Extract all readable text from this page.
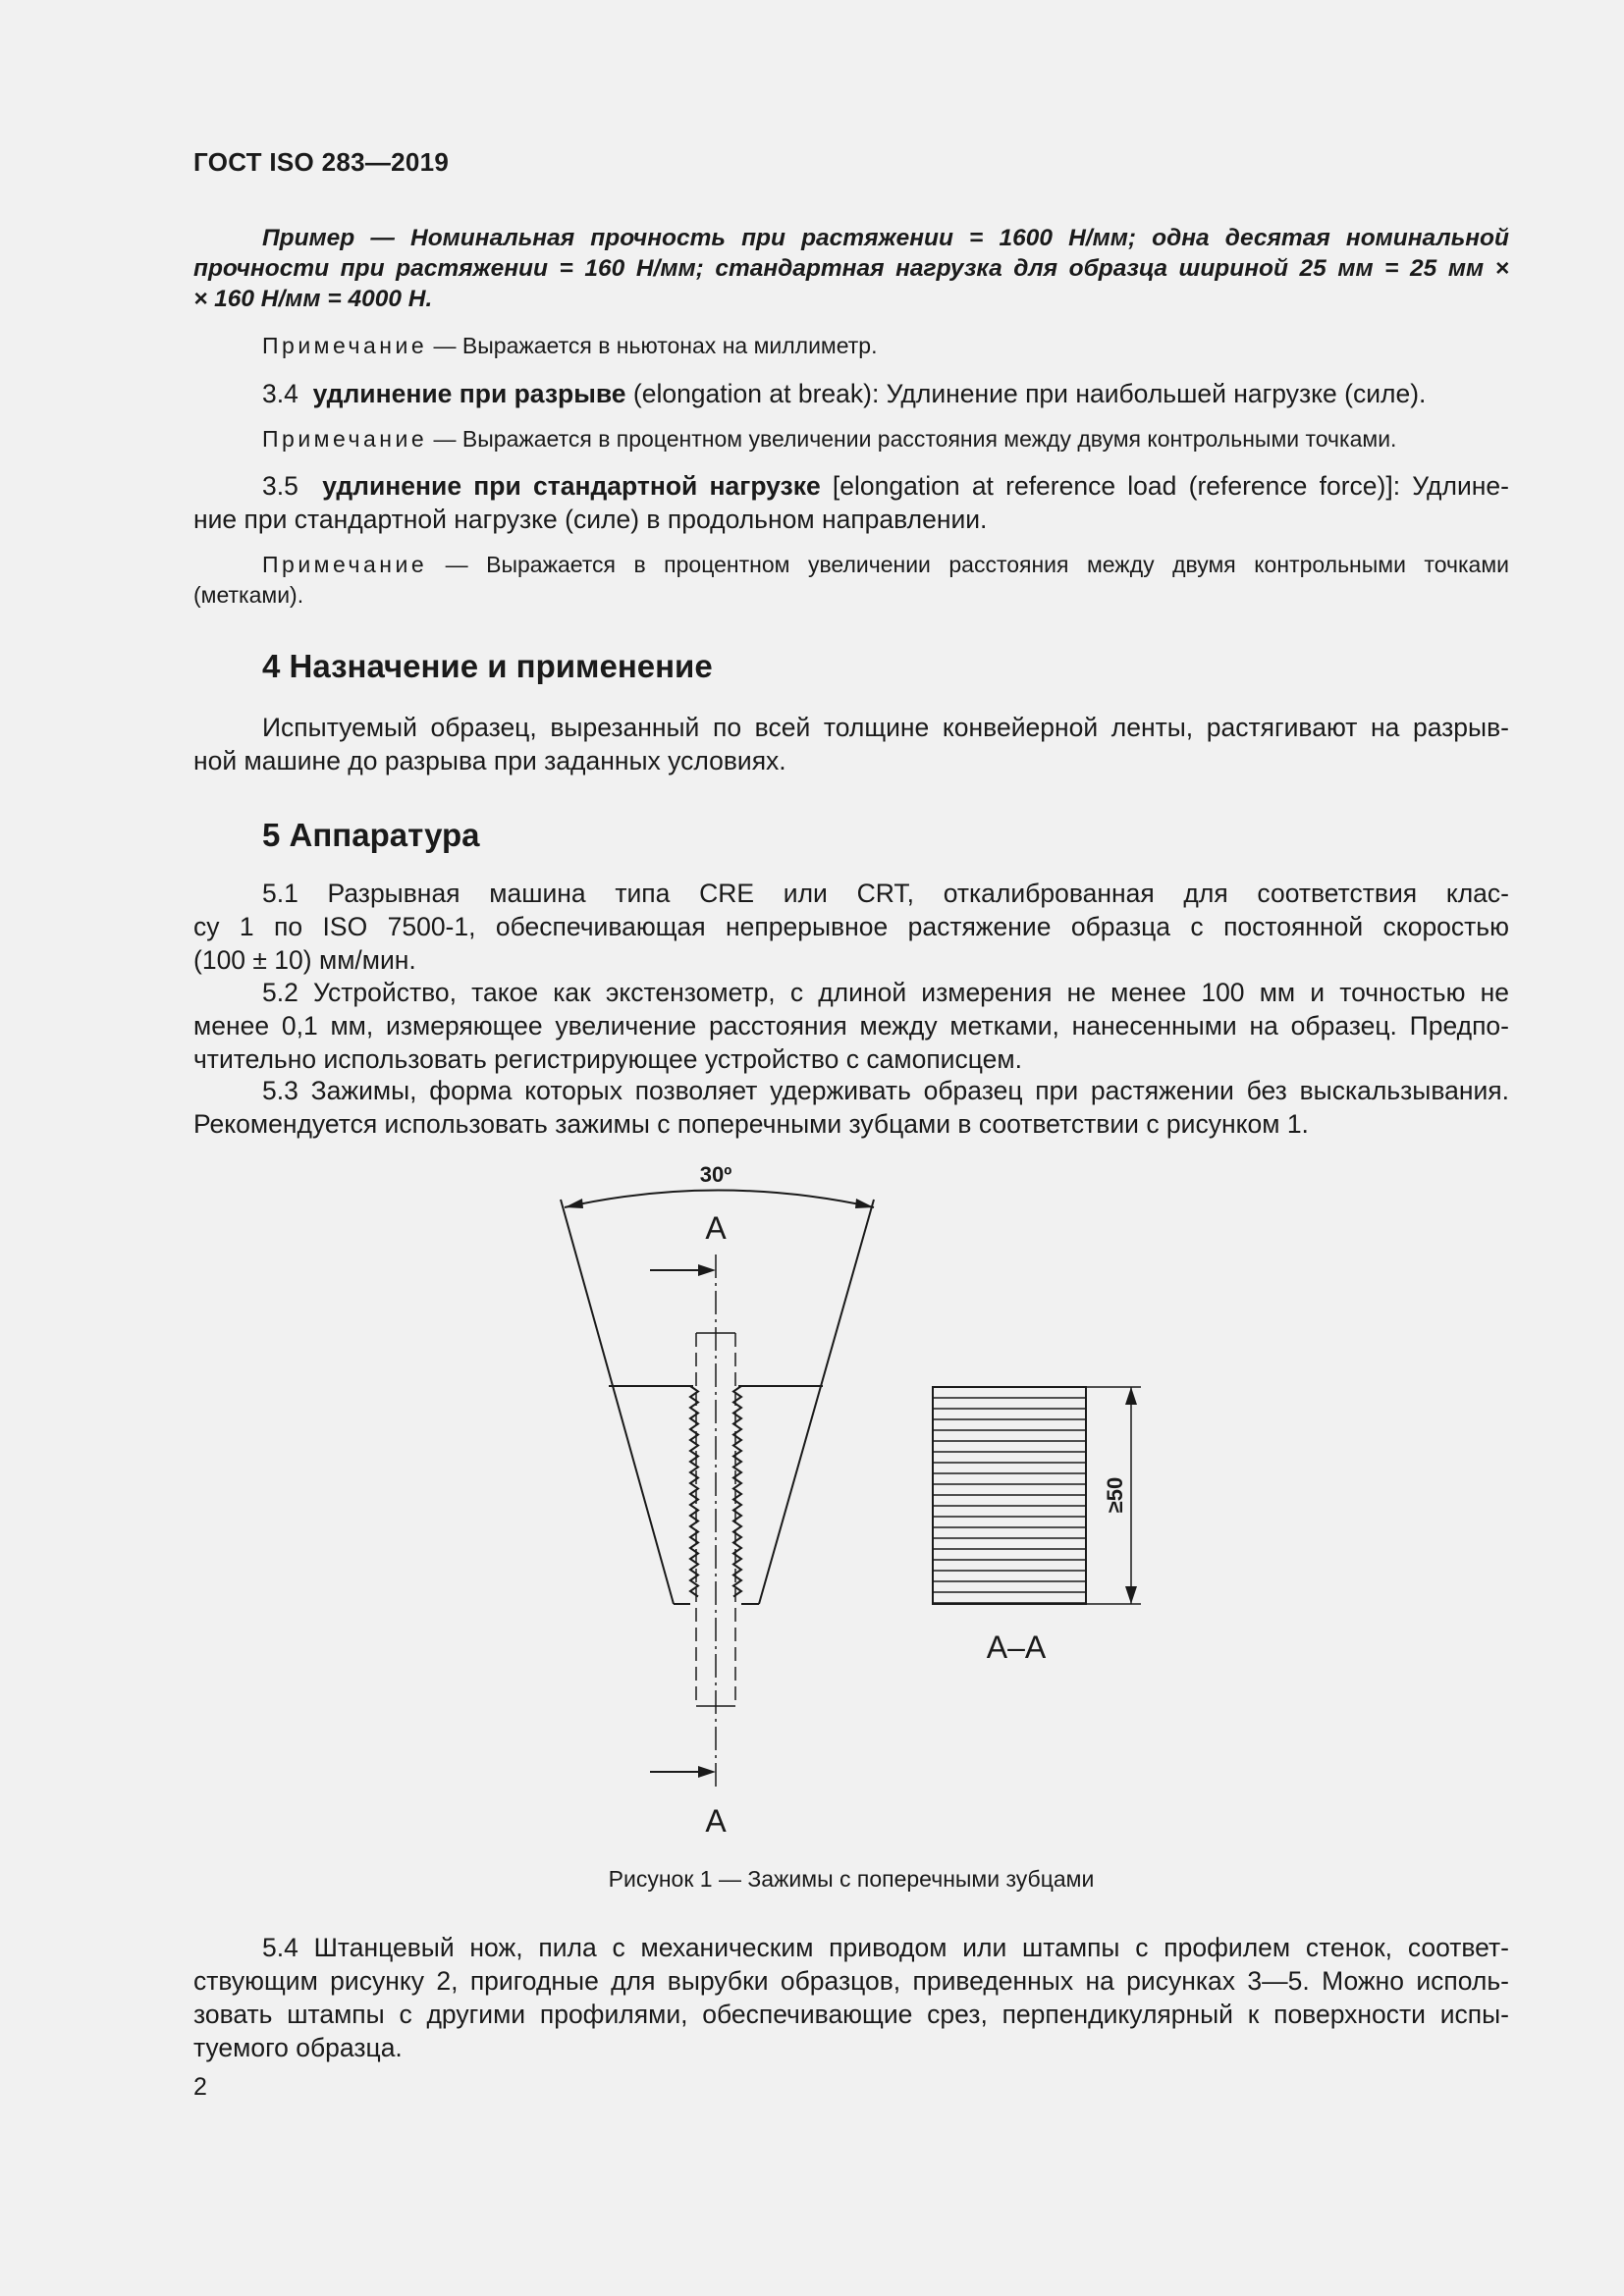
ГОСТ ISO 283—2019
Пример — Номинальная прочность при растяжении = 1600 Н/мм; одна десятая номинальной
прочности при растяжении = 160 Н/мм; стандартная нагрузка для образца шириной 25 мм = 25 мм ×
× 160 Н/мм = 4000 Н.
Примечание — Выражается в ньютонах на миллиметр.
3.4 удлинение при разрыве (elongation at break): Удлинение при наибольшей нагрузке (силе).
Примечание — Выражается в процентном увеличении расстояния между двумя контрольными точками.
3.5 удлинение при стандартной нагрузке [elongation at reference load (reference force)]: Удлине-
ние при стандартной нагрузке (силе) в продольном направлении.
Примечание — Выражается в процентном увеличении расстояния между двумя контрольными точками
(метками).
4 Назначение и применение
Испытуемый образец, вырезанный по всей толщине конвейерной ленты, растягивают на разрыв-
ной машине до разрыва при заданных условиях.
5 Аппаратура
5.1 Разрывная машина типа CRE или CRT, откалиброванная для соответствия клас-
су 1 по ISO 7500-1, обеспечивающая непрерывное растяжение образца с постоянной скоростью
(100 ± 10) мм/мин.
5.2 Устройство, такое как экстензометр, с длиной измерения не менее 100 мм и точностью не
менее 0,1 мм, измеряющее увеличение расстояния между метками, нанесенными на образец. Предпо-
чтительно использовать регистрирующее устройство с самописцем.
5.3 Зажимы, форма которых позволяет удерживать образец при растяжении без выскальзывания.
Рекомендуется использовать зажимы с поперечными зубцами в соответствии с рисунком 1.
Рисунок 1 — Зажимы с поперечными зубцами
5.4 Штанцевый нож, пила с механическим приводом или штампы с профилем стенок, соответ-
ствующим рисунку 2, пригодные для вырубки образцов, приведенных на рисунках 3—5. Можно исполь-
зовать штампы с другими профилями, обеспечивающие срез, перпендикулярный к поверхности испы-
туемого образца.
2
30º
A
A
≥50
A–A
